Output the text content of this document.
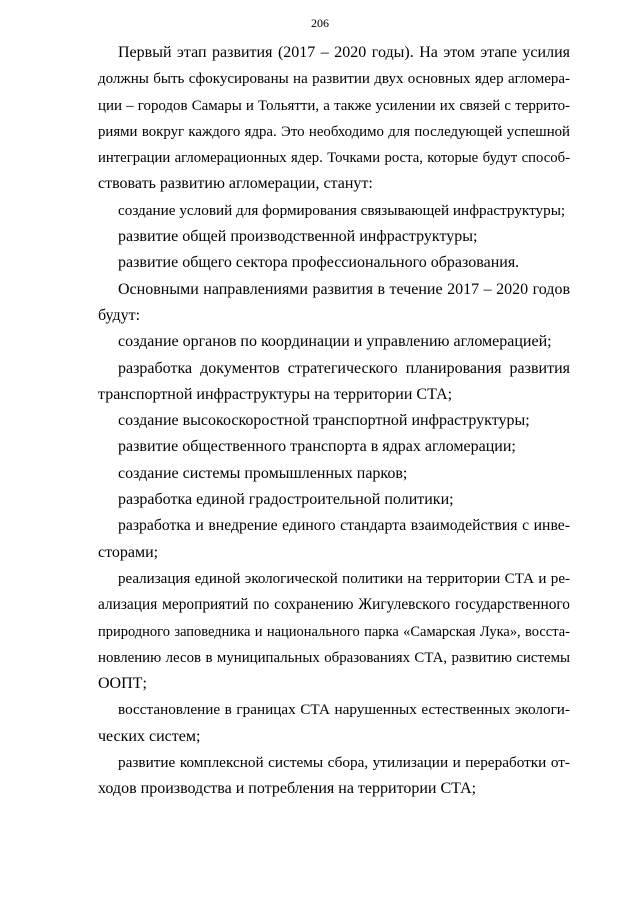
206
Первый этап развития (2017 – 2020 годы). На этом этапе усилия
должны быть сфокусированы на развитии двух основных ядер агломера-
ции – городов Самары и Тольятти, а также усилении их связей с террито-
риями вокруг каждого ядра. Это необходимо для последующей успешной
интеграции агломерационных ядер. Точками роста, которые будут способ-
ствовать развитию агломерации, станут:
создание условий для формирования связывающей инфраструктуры;
развитие общей производственной инфраструктуры;
развитие общего сектора профессионального образования.
Основными направлениями развития в течение 2017 – 2020 годов
будут:
создание органов по координации и управлению агломерацией;
разработка документов стратегического планирования развития
транспортной инфраструктуры на территории СТА;
создание высокоскоростной транспортной инфраструктуры;
развитие общественного транспорта в ядрах агломерации;
создание системы промышленных парков;
разработка единой градостроительной политики;
разработка и внедрение единого стандарта взаимодействия с инве-
сторами;
реализация единой экологической политики на территории СТА и ре-
ализация мероприятий по сохранению Жигулевского государственного
природного заповедника и национального парка «Самарская Лука», восста-
новлению лесов в муниципальных образованиях СТА, развитию системы
ООПТ;
восстановление в границах СТА нарушенных естественных экологи-
ческих систем;
развитие комплексной системы сбора, утилизации и переработки от-
ходов производства и потребления на территории СТА;
